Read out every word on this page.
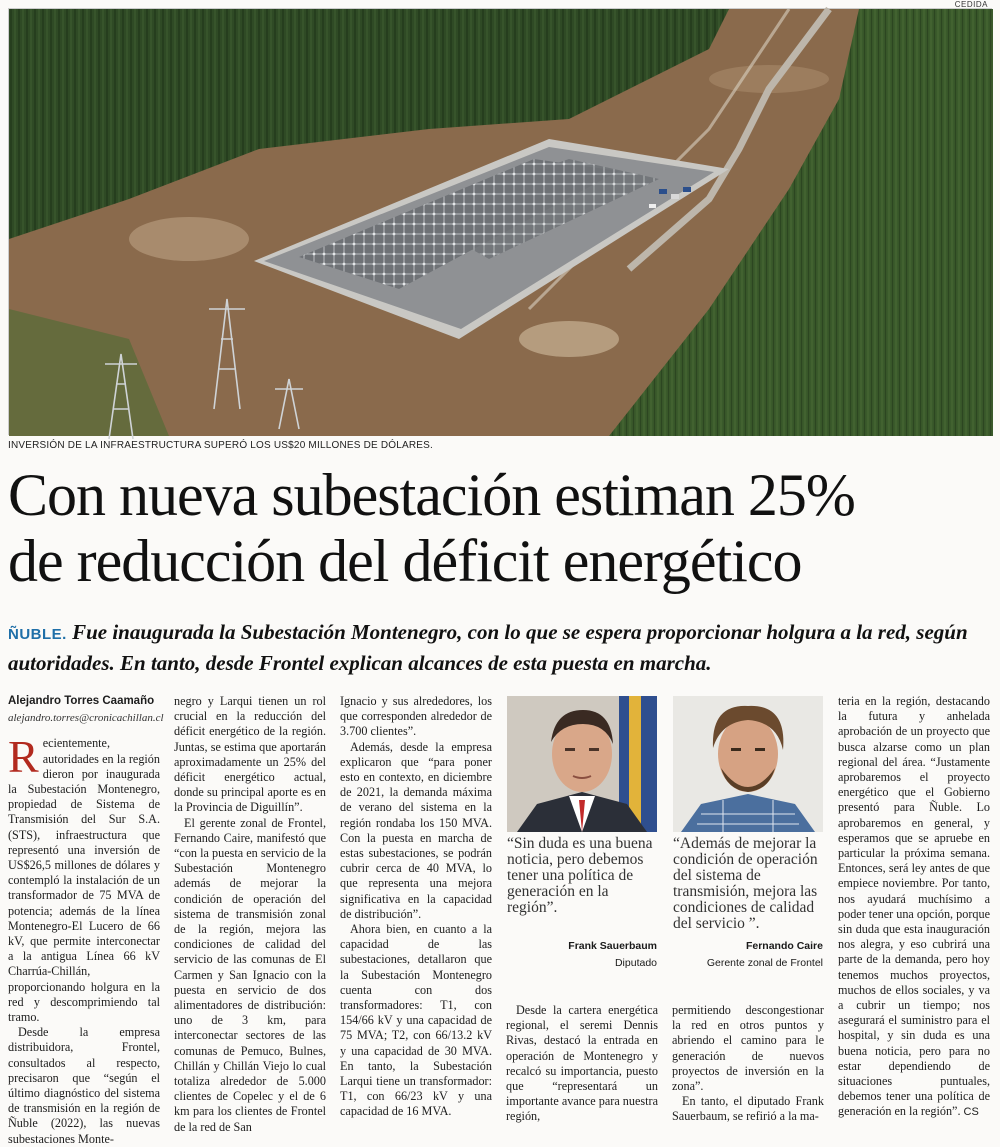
CEDIDA
INVERSIÓN DE LA INFRAESTRUCTURA SUPERÓ LOS US$20 MILLONES DE DÓLARES.
Con nueva subestación estiman 25%
de reducción del déficit energético
ÑUBLE. Fue inaugurada la Subestación Montenegro, con lo que se espera proporcionar holgura a la red, según autoridades. En tanto, desde Frontel explican alcances de esta puesta en marcha.
Alejandro Torres Caamaño
alejandro.torres@cronicachillan.cl

Recientemente, autoridades en la región dieron por inaugurada la Subestación Montenegro, propiedad de Sistema de Transmisión del Sur S.A. (STS), infraestructura que representó una inversión de US$26,5 millones de dólares y contempló la instalación de un transformador de 75 MVA de potencia; además de la línea Montenegro-El Lucero de 66 kV, que permite interconectar a la antigua Línea 66 kV Charrúa-Chillán, proporcionando holgura en la red y descomprimiendo tal tramo.

Desde la empresa distribuidora, Frontel, consultados al respecto, precisaron que “según el último diagnóstico del sistema de transmisión en la región de Ñuble (2022), las nuevas subestaciones Monte-

negro y Larqui tienen un rol crucial en la reducción del déficit energético de la región. Juntas, se estima que aportarán aproximadamente un 25% del déficit energético actual, donde su principal aporte es en la Provincia de Diguillín”.

El gerente zonal de Frontel, Fernando Caire, manifestó que “con la puesta en servicio de la Subestación Montenegro además de mejorar la condición de operación del sistema de transmisión zonal de la región, mejora las condiciones de calidad del servicio de las comunas de El Carmen y San Ignacio con la puesta en servicio de dos alimentadores de distribución: uno de 3 km, para interconectar sectores de las comunas de Pemuco, Bulnes, Chillán y Chillán Viejo lo cual totaliza alrededor de 5.000 clientes de Copelec y el de 6 km para los clientes de Frontel de la red de San

Ignacio y sus alrededores, los que corresponden alrededor de 3.700 clientes”.

Además, desde la empresa explicaron que “para poner esto en contexto, en diciembre de 2021, la demanda máxima de verano del sistema en la región rondaba los 150 MVA. Con la puesta en marcha de estas subestaciones, se podrán cubrir cerca de 40 MVA, lo que representa una mejora significativa en la capacidad de distribución”.

Ahora bien, en cuanto a la capacidad de las subestaciones, detallaron que la Subestación Montenegro cuenta con dos transformadores: T1, con 154/66 kV y una capacidad de 75 MVA; T2, con 66/13.2 kV y una capacidad de 30 MVA. En tanto, la Subestación Larqui tiene un transformador: T1, con 66/23 kV y una capacidad de 16 MVA.

“Sin duda es una buena noticia, pero debemos tener una política de generación en la región”.
Frank Sauerbaum
Diputado
“Además de mejorar la condición de operación del sistema de transmisión, mejora las condiciones de calidad del servicio ”.
Fernando Caire
Gerente zonal de Frontel

Desde la cartera energética regional, el seremi Dennis Rivas, destacó la entrada en operación de Montenegro y recalcó su importancia, puesto que “representará un importante avance para nuestra región,

permitiendo descongestionar la red en otros puntos y abriendo el camino para le generación de nuevos proyectos de inversión en la zona”.

En tanto, el diputado Frank Sauerbaum, se refirió a la ma-

teria en la región, destacando la futura y anhelada aprobación de un proyecto que busca alzarse como un plan regional del área. “Justamente aprobaremos el proyecto energético que el Gobierno presentó para Ñuble. Lo aprobaremos en general, y esperamos que se apruebe en particular la próxima semana. Entonces, será ley antes de que empiece noviembre. Por tanto, nos ayudará muchísimo a poder tener una opción, porque sin duda que esta inauguración nos alegra, y eso cubrirá una parte de la demanda, pero hoy tenemos muchos proyectos, muchos de ellos sociales, y va a cubrir un tiempo; nos asegurará el suministro para el hospital, y sin duda es una buena noticia, pero para no estar dependiendo de situaciones puntuales, debemos tener una política de generación en la región”. CS
